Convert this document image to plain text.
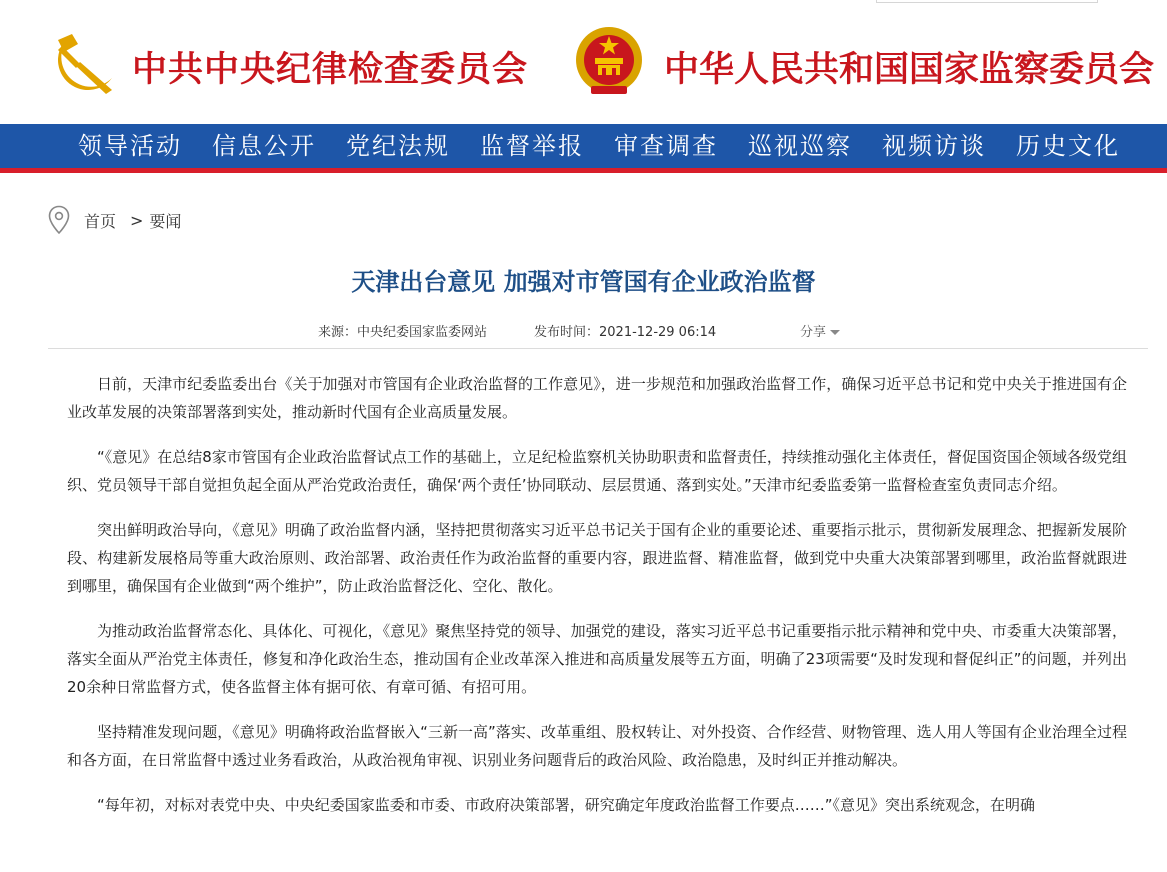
中共中央纪律检查委员会	中华人民共和国国家监察委员会
领导活动 信息公开 党纪法规 监督举报 审查调查 巡视巡察 视频访谈 历史文化
首页 > 要闻
天津出台意见 加强对市管国有企业政治监督
来源：中央纪委国家监委网站	发布时间：2021-12-29 06:14	分享

日前，天津市纪委监委出台《关于加强对市管国有企业政治监督的工作意见》，进一步规范和加强政治监督工作，确保习近平总书记和党中央关于推进国有企业改革发展的决策部署落到实处，推动新时代国有企业高质量发展。

“《意见》在总结8家市管国有企业政治监督试点工作的基础上，立足纪检监察机关协助职责和监督责任，持续推动强化主体责任，督促国资国企领域各级党组织、党员领导干部自觉担负起全面从严治党政治责任，确保‘两个责任’协同联动、层层贯通、落到实处。”天津市纪委监委第一监督检查室负责同志介绍。

突出鲜明政治导向，《意见》明确了政治监督内涵，坚持把贯彻落实习近平总书记关于国有企业的重要论述、重要指示批示，贯彻新发展理念、把握新发展阶段、构建新发展格局等重大政治原则、政治部署、政治责任作为政治监督的重要内容，跟进监督、精准监督，做到党中央重大决策部署到哪里，政治监督就跟进到哪里，确保国有企业做到“两个维护”，防止政治监督泛化、空化、散化。

为推动政治监督常态化、具体化、可视化，《意见》聚焦坚持党的领导、加强党的建设，落实习近平总书记重要指示批示精神和党中央、市委重大决策部署，落实全面从严治党主体责任，修复和净化政治生态，推动国有企业改革深入推进和高质量发展等五方面，明确了23项需要“及时发现和督促纠正”的问题，并列出20余种日常监督方式，使各监督主体有据可依、有章可循、有招可用。

坚持精准发现问题，《意见》明确将政治监督嵌入“三新一高”落实、改革重组、股权转让、对外投资、合作经营、财物管理、选人用人等国有企业治理全过程和各方面，在日常监督中透过业务看政治，从政治视角审视、识别业务问题背后的政治风险、政治隐患，及时纠正并推动解决。

“每年初，对标对表党中央、中央纪委国家监委和市委、市政府决策部署，研究确定年度政治监督工作要点……”《意见》突出系统观念，在明确
